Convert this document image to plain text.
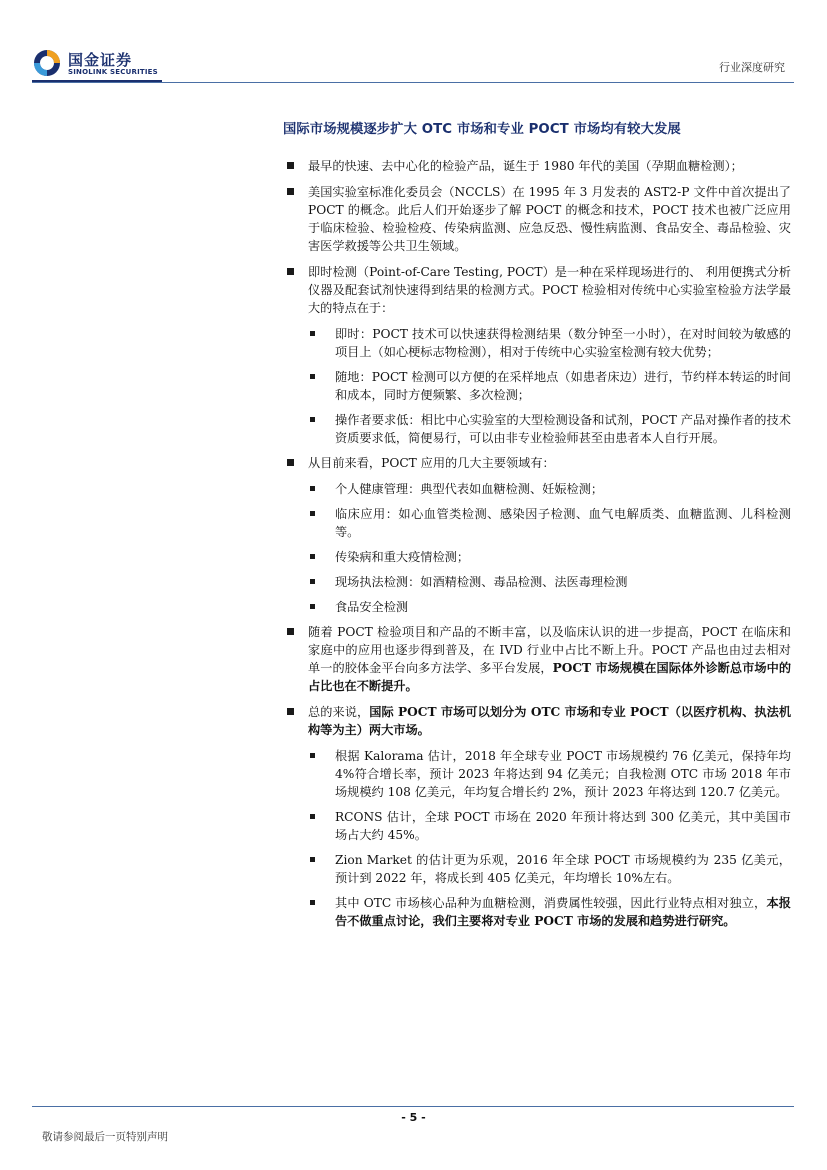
国金证券
SINOLINK SECURITIES	行业深度研究
国际市场规模逐步扩大 OTC 市场和专业 POCT 市场均有较大发展
最早的快速、去中心化的检验产品，诞生于 1980 年代的美国（孕期血糖检测）；
美国实验室标准化委员会（NCCLS）在 1995 年 3 月发表的 AST2-P 文件中首次提出了 POCT 的概念。此后人们开始逐步了解 POCT 的概念和技术，POCT 技术也被广泛应用于临床检验、检验检疫、传染病监测、应急反恐、慢性病监测、食品安全、毒品检验、灾害医学救援等公共卫生领域。
即时检测（Point-of-Care Testing, POCT）是一种在采样现场进行的、 利用便携式分析仪器及配套试剂快速得到结果的检测方式。POCT 检验相对传统中心实验室检验方法学最大的特点在于：
即时：POCT 技术可以快速获得检测结果（数分钟至一小时），在对时间较为敏感的项目上（如心梗标志物检测），相对于传统中心实验室检测有较大优势；
随地：POCT 检测可以方便的在采样地点（如患者床边）进行，节约样本转运的时间和成本，同时方便频繁、多次检测；
操作者要求低：相比中心实验室的大型检测设备和试剂，POCT 产品对操作者的技术资质要求低，简便易行，可以由非专业检验师甚至由患者本人自行开展。
从目前来看，POCT 应用的几大主要领域有：
个人健康管理：典型代表如血糖检测、妊娠检测；
临床应用：如心血管类检测、感染因子检测、血气电解质类、血糖监测、儿科检测等。
传染病和重大疫情检测；
现场执法检测：如酒精检测、毒品检测、法医毒理检测
食品安全检测
随着 POCT 检验项目和产品的不断丰富，以及临床认识的进一步提高，POCT 在临床和家庭中的应用也逐步得到普及，在 IVD 行业中占比不断上升。POCT 产品也由过去相对单一的胶体金平台向多方法学、多平台发展，POCT 市场规模在国际体外诊断总市场中的占比也在不断提升。
总的来说，国际 POCT 市场可以划分为 OTC 市场和专业 POCT（以医疗机构、执法机构等为主）两大市场。
根据 Kalorama 估计，2018 年全球专业 POCT 市场规模约 76 亿美元，保持年均 4%符合增长率，预计 2023 年将达到 94 亿美元；自我检测 OTC 市场 2018 年市场规模约 108 亿美元，年均复合增长约 2%，预计 2023 年将达到 120.7 亿美元。
RCONS 估计，全球 POCT 市场在 2020 年预计将达到 300 亿美元，其中美国市场占大约 45%。
Zion Market 的估计更为乐观，2016 年全球 POCT 市场规模约为 235 亿美元，预计到 2022 年，将成长到 405 亿美元，年均增长 10%左右。
其中 OTC 市场核心品种为血糖检测，消费属性较强，因此行业特点相对独立，本报告不做重点讨论，我们主要将对专业 POCT 市场的发展和趋势进行研究。
- 5 -
敬请参阅最后一页特别声明
